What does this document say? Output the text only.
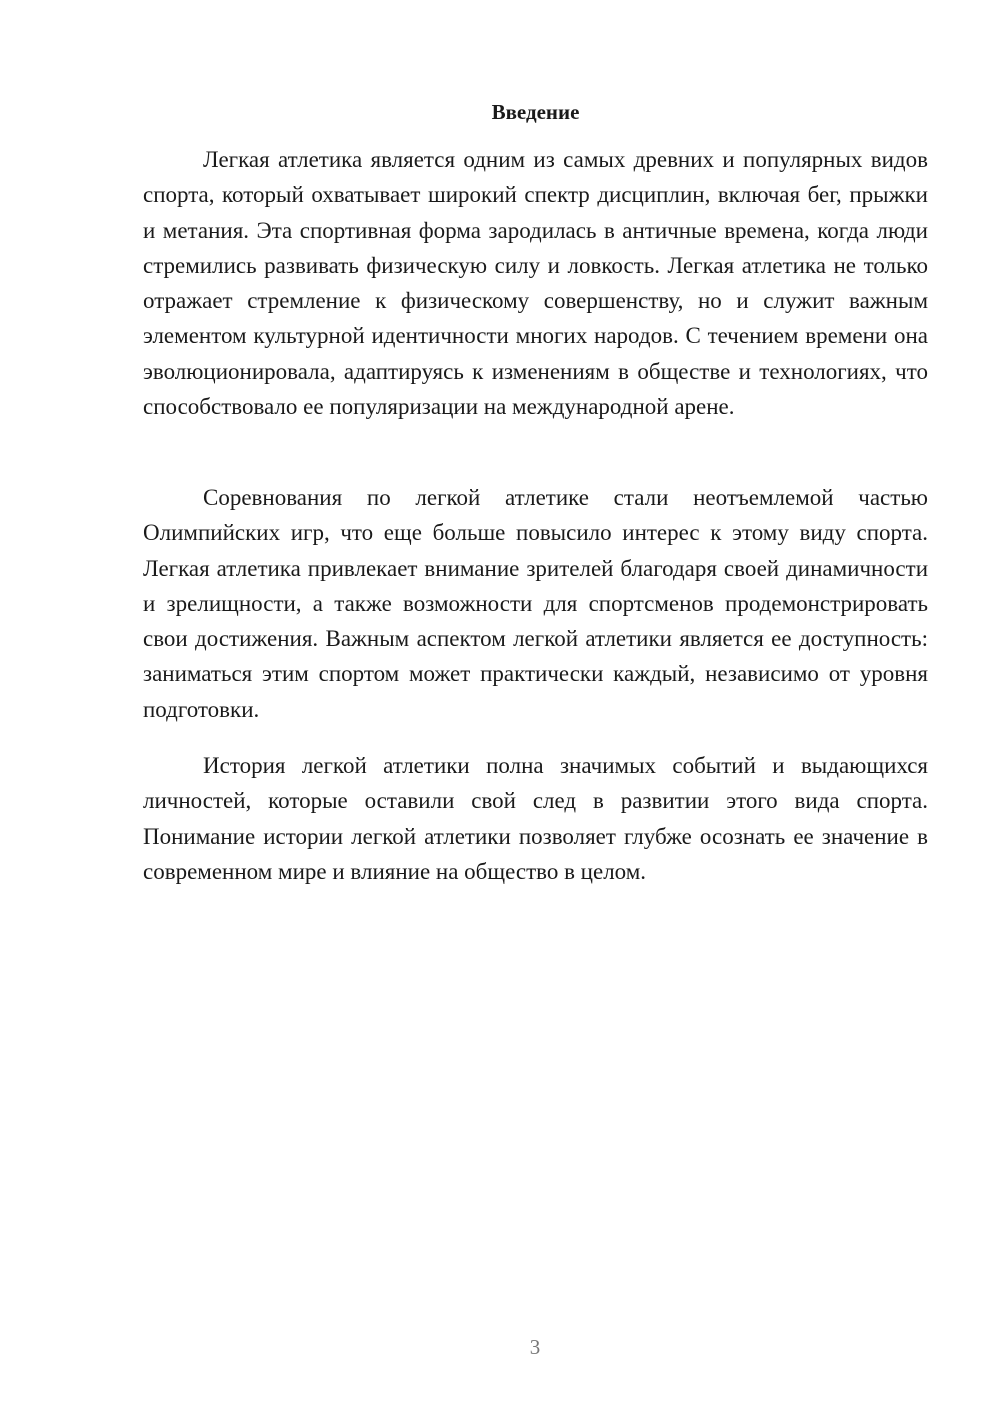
Введение

Легкая атлетика является одним из самых древних и популярных видов спорта, который охватывает широкий спектр дисциплин, включая бег, прыжки и метания. Эта спортивная форма зародилась в античные времена, когда люди стремились развивать физическую силу и ловкость. Легкая атлетика не только отражает стремление к физическому совершенству, но и служит важным элементом культурной идентичности многих народов. С течением времени она эволюционировала, адаптируясь к изменениям в обществе и технологиях, что способствовало ее популяризации на международной арене.

Соревнования по легкой атлетике стали неотъемлемой частью Олимпийских игр, что еще больше повысило интерес к этому виду спорта. Легкая атлетика привлекает внимание зрителей благодаря своей динамичности и зрелищности, а также возможности для спортсменов продемонстрировать свои достижения. Важным аспектом легкой атлетики является ее доступность: заниматься этим спортом может практически каждый, независимо от уровня подготовки.

История легкой атлетики полна значимых событий и выдающихся личностей, которые оставили свой след в развитии этого вида спорта. Понимание истории легкой атлетики позволяет глубже осознать ее значение в современном мире и влияние на общество в целом.

3
